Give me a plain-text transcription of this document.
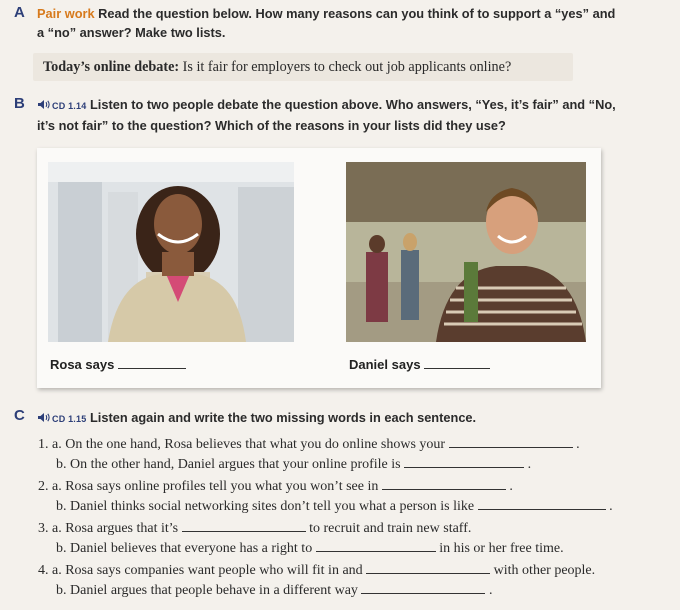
A Pair work Read the question below. How many reasons can you think of to support a “yes” and
a “no” answer? Make two lists.
Today’s online debate: Is it fair for employers to check out job applicants online?
B	CD 1.14 Listen to two people debate the question above. Who answers, “Yes, it’s fair” and “No,
it’s not fair” to the question? Which of the reasons in your lists did they use?
Rosa says	Daniel says
C	CD 1.15 Listen again and write the two missing words in each sentence.
1. a. On the one hand, Rosa believes that what you do online shows your	.
b. On the other hand, Daniel argues that your online profile is	.
2. a. Rosa says online profiles tell you what you won’t see in	.
b. Daniel thinks social networking sites don’t tell you what a person is like	.
3. a. Rosa argues that it’s	to recruit and train new staff.
b. Daniel believes that everyone has a right to	in his or her free time.
4. a. Rosa says companies want people who will fit in and	with other people.
b. Daniel argues that people behave in a different way	.
